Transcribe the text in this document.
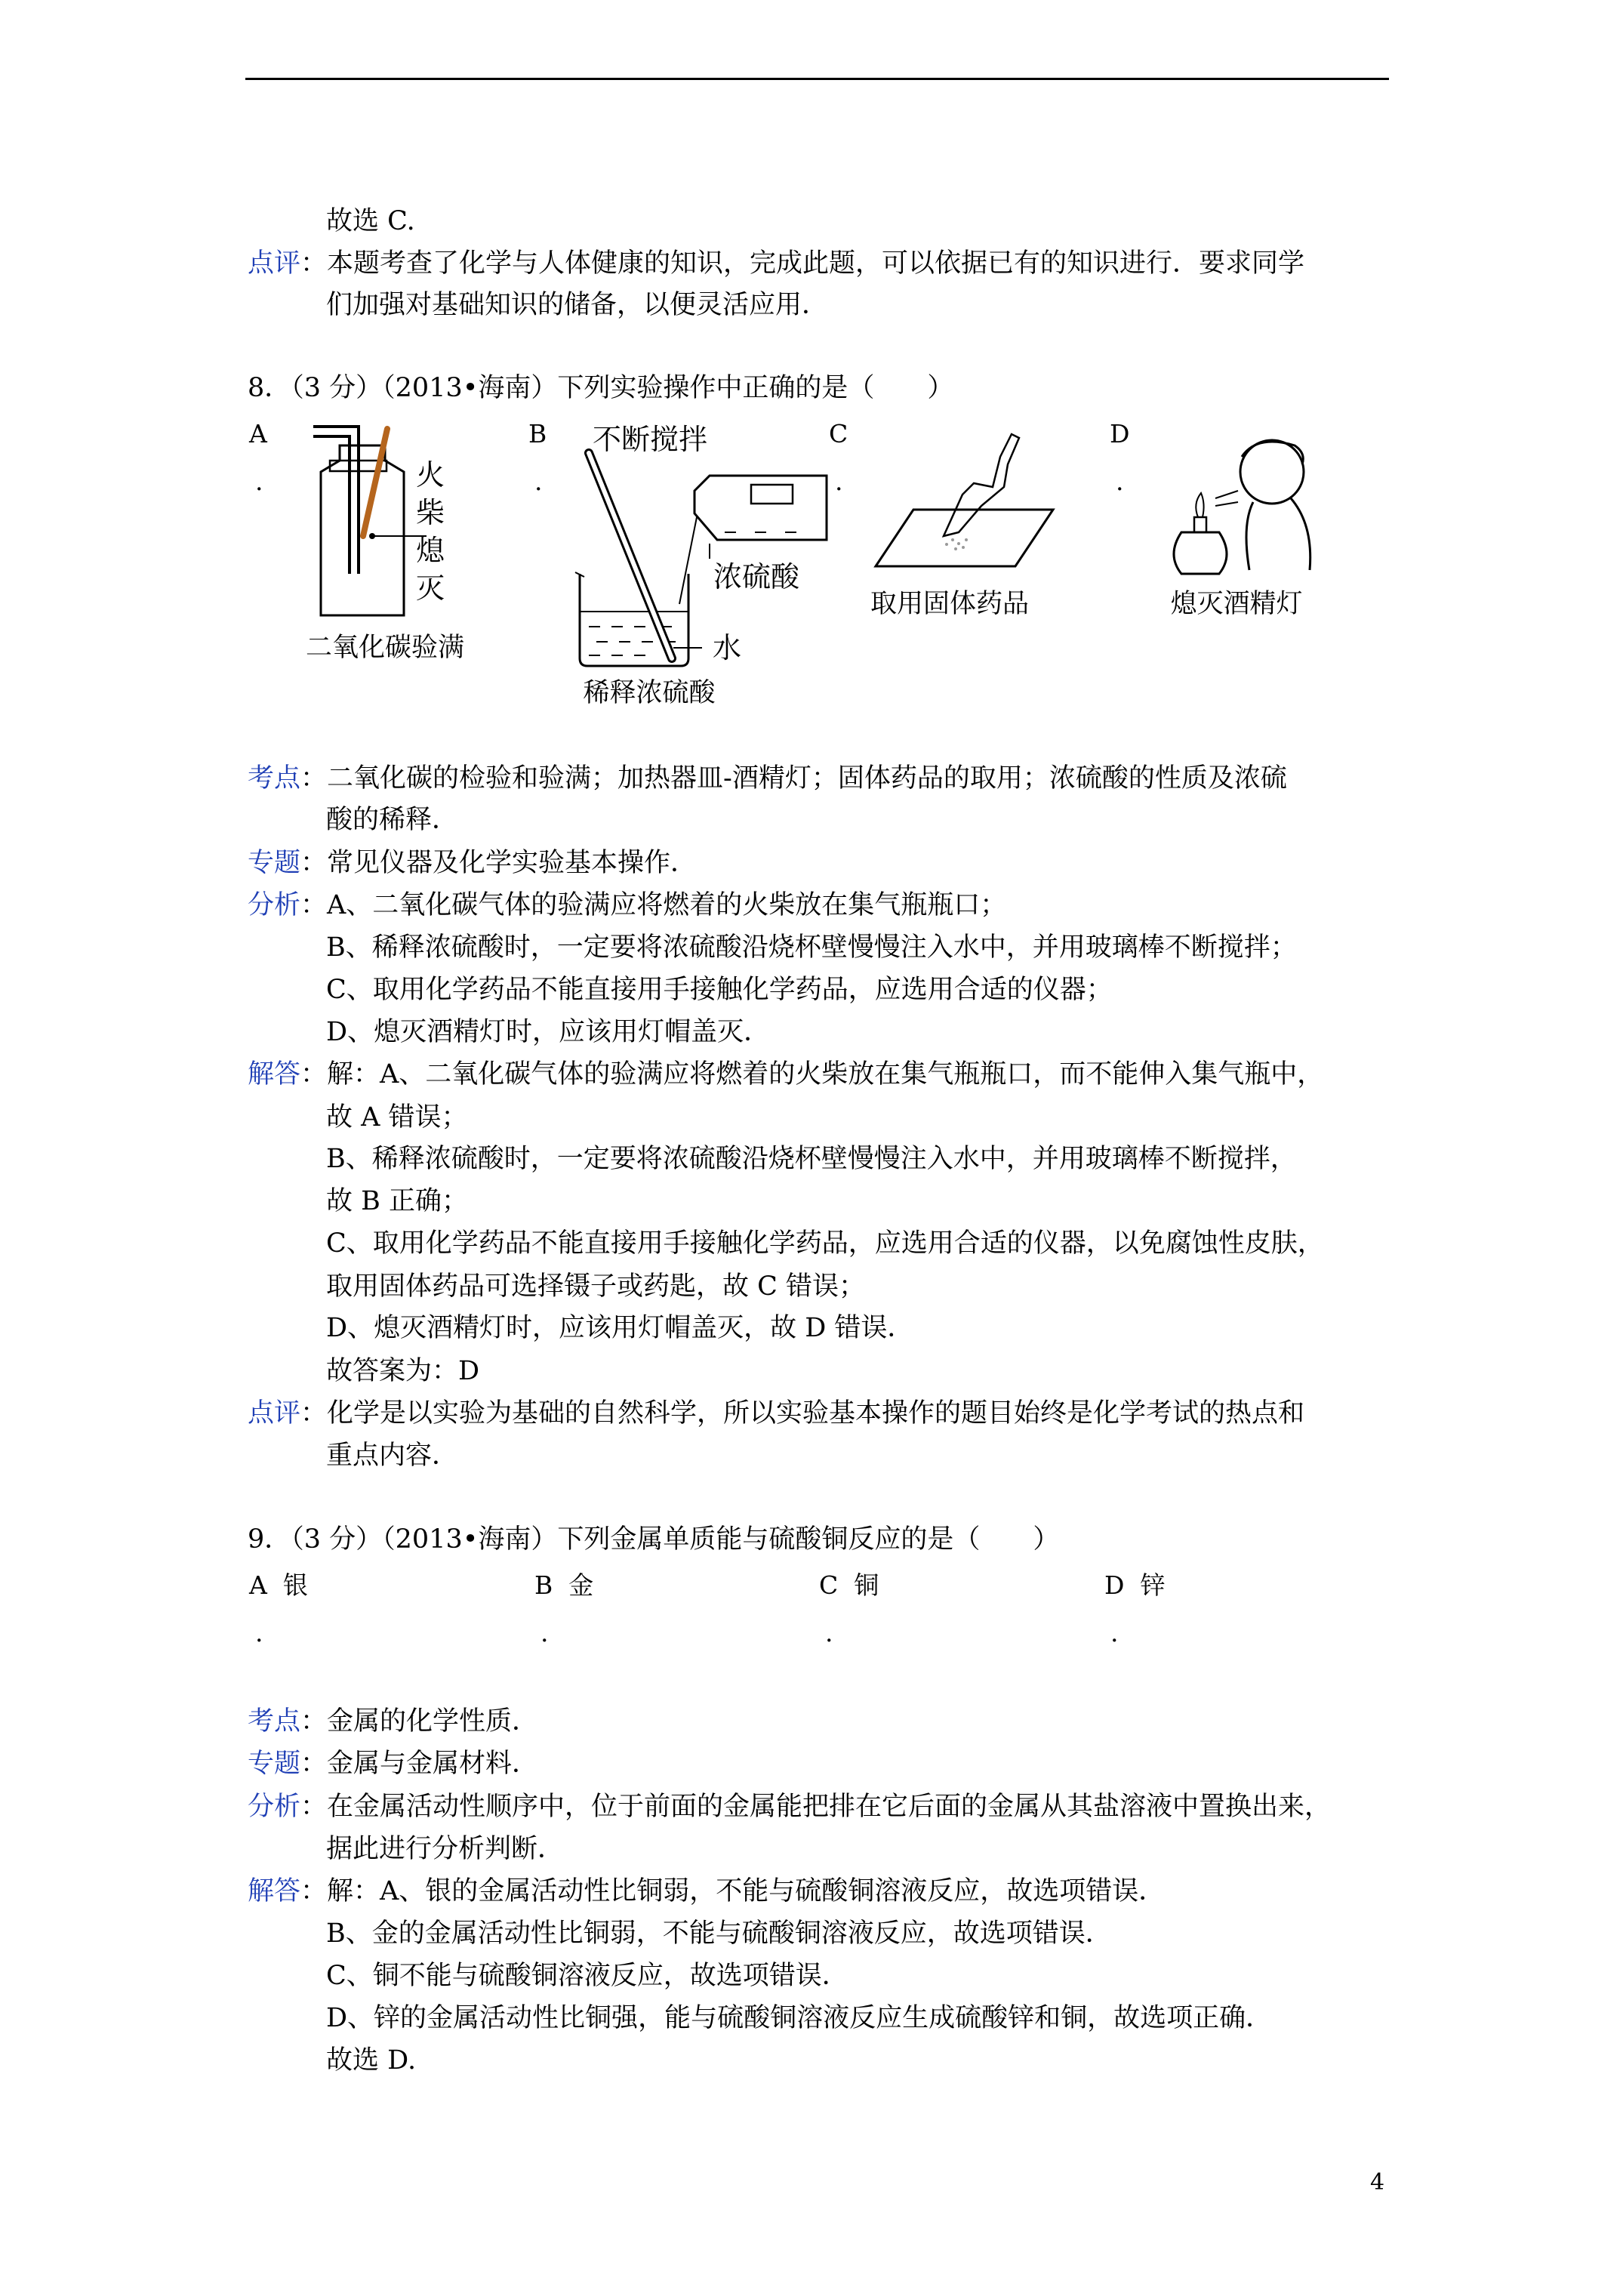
故选 C.
点评：本题考查了化学与人体健康的知识，完成此题，可以依据已有的知识进行．要求同学
们加强对基础知识的储备，以便灵活应用．
8．（3 分）（2013•海南）下列实验操作中正确的是（　　）
A
.
B
.
C
.
D
.
火
柴
熄
灭
二氧化碳验满
不断搅拌
浓硫酸
水
稀释浓硫酸
取用固体药品	熄灭酒精灯
考点：二氧化碳的检验和验满；加热器皿-酒精灯；固体药品的取用；浓硫酸的性质及浓硫
酸的稀释．
专题：常见仪器及化学实验基本操作．
分析：A、二氧化碳气体的验满应将燃着的火柴放在集气瓶瓶口；
B、稀释浓硫酸时，一定要将浓硫酸沿烧杯壁慢慢注入水中，并用玻璃棒不断搅拌；
C、取用化学药品不能直接用手接触化学药品，应选用合适的仪器；
D、熄灭酒精灯时，应该用灯帽盖灭．
解答：解：A、二氧化碳气体的验满应将燃着的火柴放在集气瓶瓶口，而不能伸入集气瓶中，
故 A 错误；
B、稀释浓硫酸时，一定要将浓硫酸沿烧杯壁慢慢注入水中，并用玻璃棒不断搅拌，
故 B 正确；
C、取用化学药品不能直接用手接触化学药品，应选用合适的仪器，以免腐蚀性皮肤，
取用固体药品可选择镊子或药匙，故 C 错误；
D、熄灭酒精灯时，应该用灯帽盖灭，故 D 错误．
故答案为：D
点评：化学是以实验为基础的自然科学，所以实验基本操作的题目始终是化学考试的热点和
重点内容．
9．（3 分）（2013•海南）下列金属单质能与硫酸铜反应的是（　　）
A 银
.
B 金
.
C 铜
.
D 锌
.
考点：金属的化学性质．
专题：金属与金属材料．
分析：在金属活动性顺序中，位于前面的金属能把排在它后面的金属从其盐溶液中置换出来，
据此进行分析判断．
解答：解：A、银的金属活动性比铜弱，不能与硫酸铜溶液反应，故选项错误．
B、金的金属活动性比铜弱，不能与硫酸铜溶液反应，故选项错误．
C、铜不能与硫酸铜溶液反应，故选项错误．
D、锌的金属活动性比铜强，能与硫酸铜溶液反应生成硫酸锌和铜，故选项正确．
故选 D.
4
